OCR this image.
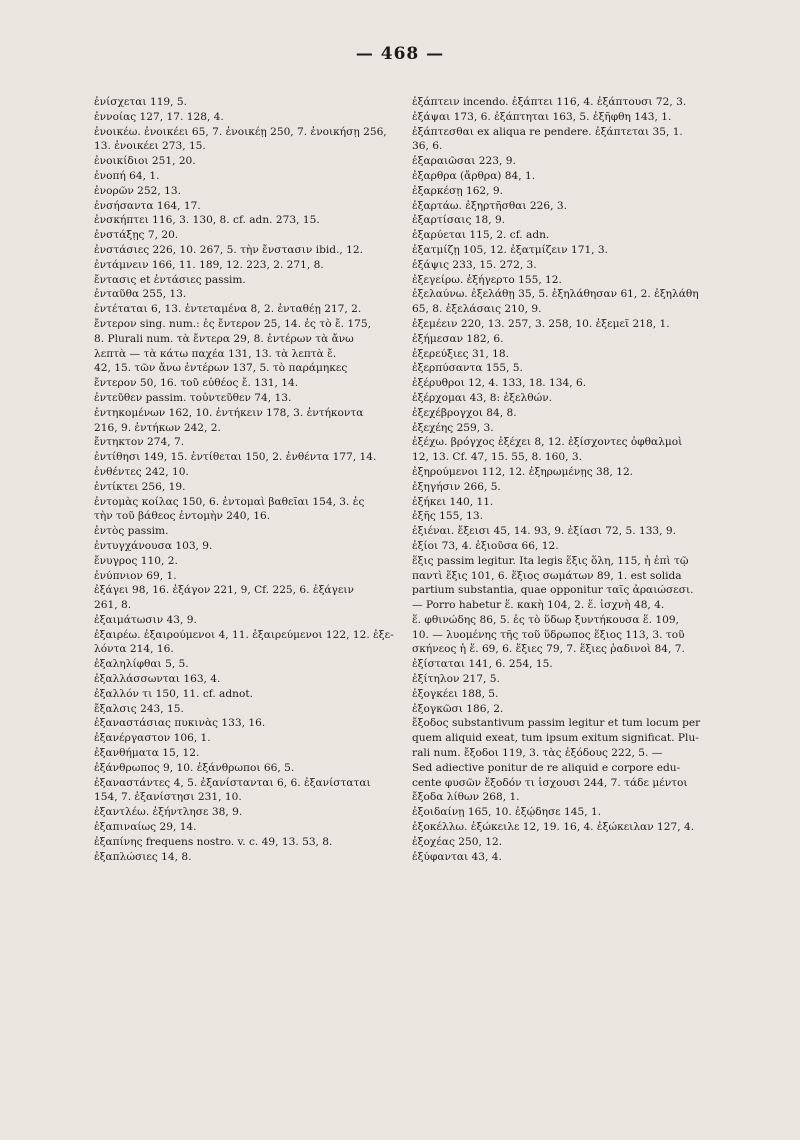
— 468 —
ἐνίσχεται 119, 5.
ἐννοίας 127, 17. 128, 4.
ἐνοικέω. ἐνοικέει 65, 7. ἐνοικέῃ 250, 7. ἐνοικήσῃ 256,
13. ἐνοικέει 273, 15.
ἐνοικίδιοι 251, 20.
ἐνοπή 64, 1.
ἐνορῶν 252, 13.
ἐνσήσαντα 164, 17.
ἐνσκήπτει 116, 3. 130, 8. cf. adn. 273, 15.
ἐνστάξῃς 7, 20.
ἐνστάσιες 226, 10. 267, 5. τὴν ἔνστασιν ibid., 12.
ἐντάμνειν 166, 11. 189, 12. 223, 2. 271, 8.
ἔντασις et ἐντάσιες passim.
ἐνταῦθα 255, 13.
ἐντέταται 6, 13. ἐντεταμένα 8, 2. ἐνταθέῃ 217, 2.
ἔντερον sing. num.: ἐς ἔντερον 25, 14. ἐς τὸ ἔ. 175,
8. Plurali num. τὰ ἔντερα 29, 8. ἐντέρων τὰ ἄνω
λεπτὰ — τὰ κάτω παχέα 131, 13. τὰ λεπτὰ ἔ.
42, 15. τῶν ἄνω ἐντέρων 137, 5. τὸ παράμηκες
ἔντερον 50, 16. τοῦ εὐθέος ἔ. 131, 14.
ἐντεῦθεν passim. τοὐντεῦθεν 74, 13.
ἐντηκομένων 162, 10. ἐντήκειν 178, 3. ἐντήκοντα
216, 9. ἐντήκων 242, 2.
ἔντηκτον 274, 7.
ἐντίθησι 149, 15. ἐντίθεται 150, 2. ἐνθέντα 177, 14.
ἐνθέντες 242, 10.
ἐντίκτει 256, 19.
ἐντομὰς κοίλας 150, 6. ἐντομαὶ βαθεῖαι 154, 3. ἐς
τὴν τοῦ βάθεος ἐντομὴν 240, 16.
ἐντὸς passim.
ἐντυγχάνουσα 103, 9.
ἔνυγρος 110, 2.
ἐνύπνιον 69, 1.
ἐξάγει 98, 16. ἐξάγον 221, 9, Cf. 225, 6. ἐξάγειν
261, 8.
ἐξαιμάτωσιν 43, 9.
ἐξαιρέω. ἐξαιρούμενοι 4, 11. ἐξαιρεύμενοι 122, 12. ἐξε-
λόντα 214, 16.
ἐξαληλίφθαι 5, 5.
ἐξαλλάσσωνται 163, 4.
ἐξαλλόν τι 150, 11. cf. adnot.
ἔξαλσις 243, 15.
ἐξαναστάσιας πυκινὰς 133, 16.
ἐξανέργαστον 106, 1.
ἐξανθήματα 15, 12.
ἐξάνθρωπος 9, 10. ἐξάνθρωποι 66, 5.
ἐξαναστάντες 4, 5. ἐξανίστανται 6, 6. ἐξανίσταται
154, 7. ἐξανίστησι 231, 10.
ἐξαντλέω. ἐξήντλησε 38, 9.
ἐξαπιναίως 29, 14.
ἐξαπίνης frequens nostro. v. c. 49, 13. 53, 8.
ἐξαπλώσιες 14, 8.
ἐξάπτειν incendo. ἐξάπτει 116, 4. ἐξάπτουσι 72, 3.
ἐξάψαι 173, 6. ἐξάπτηται 163, 5. ἐξῆφθη 143, 1.
ἐξάπτεσθαι ex aliqua re pendere. ἐξάπτεται 35, 1.
36, 6.
ἐξαραιῶσαι 223, 9.
ἐξαρθρα (ἄρθρα) 84, 1.
ἐξαρκέσῃ 162, 9.
ἐξαρτάω. ἐξηρτῆσθαι 226, 3.
ἐξαρτίσαις 18, 9.
ἐξαρύεται 115, 2. cf. adn.
ἐξατμίζῃ 105, 12. ἐξατμίζειν 171, 3.
ἐξάψις 233, 15. 272, 3.
ἐξεγείρω. ἐξήγερτο 155, 12.
ἐξελαύνω. ἐξελάθῃ 35, 5. ἐξηλάθησαν 61, 2. ἐξηλάθη
65, 8. ἐξελάσαις 210, 9.
ἐξεμέειν 220, 13. 257, 3. 258, 10. ἐξεμεῖ 218, 1.
ἐξήμεσαν 182, 6.
ἐξερεύξιες 31, 18.
ἐξερπύσαντα 155, 5.
ἐξέρυθροι 12, 4. 133, 18. 134, 6.
ἐξέρχομαι 43, 8: ἐξελθών.
ἐξεχέβρογχοι 84, 8.
ἐξεχέης 259, 3.
ἐξέχω. βρόγχος ἐξέχει 8, 12. ἐξίσχοντες ὀφθαλμοὶ
12, 13. Cf. 47, 15. 55, 8. 160, 3.
ἐξηρούμενοι 112, 12. ἐξηρωμένῃς 38, 12.
ἐξηγήσιν 266, 5.
ἐξήκει 140, 11.
ἐξῆς 155, 13.
ἐξιέναι. ἔξεισι 45, 14. 93, 9. ἐξίασι 72, 5. 133, 9.
ἐξίοι 73, 4. ἐξιοῦσα 66, 12.
ἕξις passim legitur. Ita legis ἕξις ὅλη, 115, ἡ ἐπὶ τῷ
παντὶ ἕξις 101, 6. ἕξιος σωμάτων 89, 1. est solida
partium substantia, quae opponitur ταῖς ἀραιώσεσι.
— Porro habetur ἕ. κακὴ 104, 2. ἕ. ἰσχνὴ 48, 4.
ἕ. φθινώδης 86, 5. ἐς τὸ ὕδωρ ξυντήκουσα ἕ. 109,
10. — λυομένης τῆς τοῦ ὕδρωπος ἕξιος 113, 3. τοῦ
σκήνεος ἡ ἕ. 69, 6. ἕξιες 79, 7. ἕξιες ῥαδινοὶ 84, 7.
ἐξίσταται 141, 6. 254, 15.
ἐξίτηλον 217, 5.
ἐξογκέει 188, 5.
ἐξογκῶσι 186, 2.
ἔξοδος substantivum passim legitur et tum locum per
quem aliquid exeat, tum ipsum exitum significat. Plu-
rali num. ἔξοδοι 119, 3. τὰς ἐξόδους 222, 5. —
Sed adiective ponitur de re aliquid e corpore edu-
cente φυσῶν ἔξοδόν τι ἰσχουσι 244, 7. τάδε μέντοι
ἔξοδα λίθων 268, 1.
ἐξοιδαίνῃ 165, 10. ἐξῴδησε 145, 1.
ἐξοκέλλω. ἐξώκειλε 12, 19. 16, 4. ἐξώκειλαν 127, 4.
ἐξοχέας 250, 12.
ἐξύφανται 43, 4.
